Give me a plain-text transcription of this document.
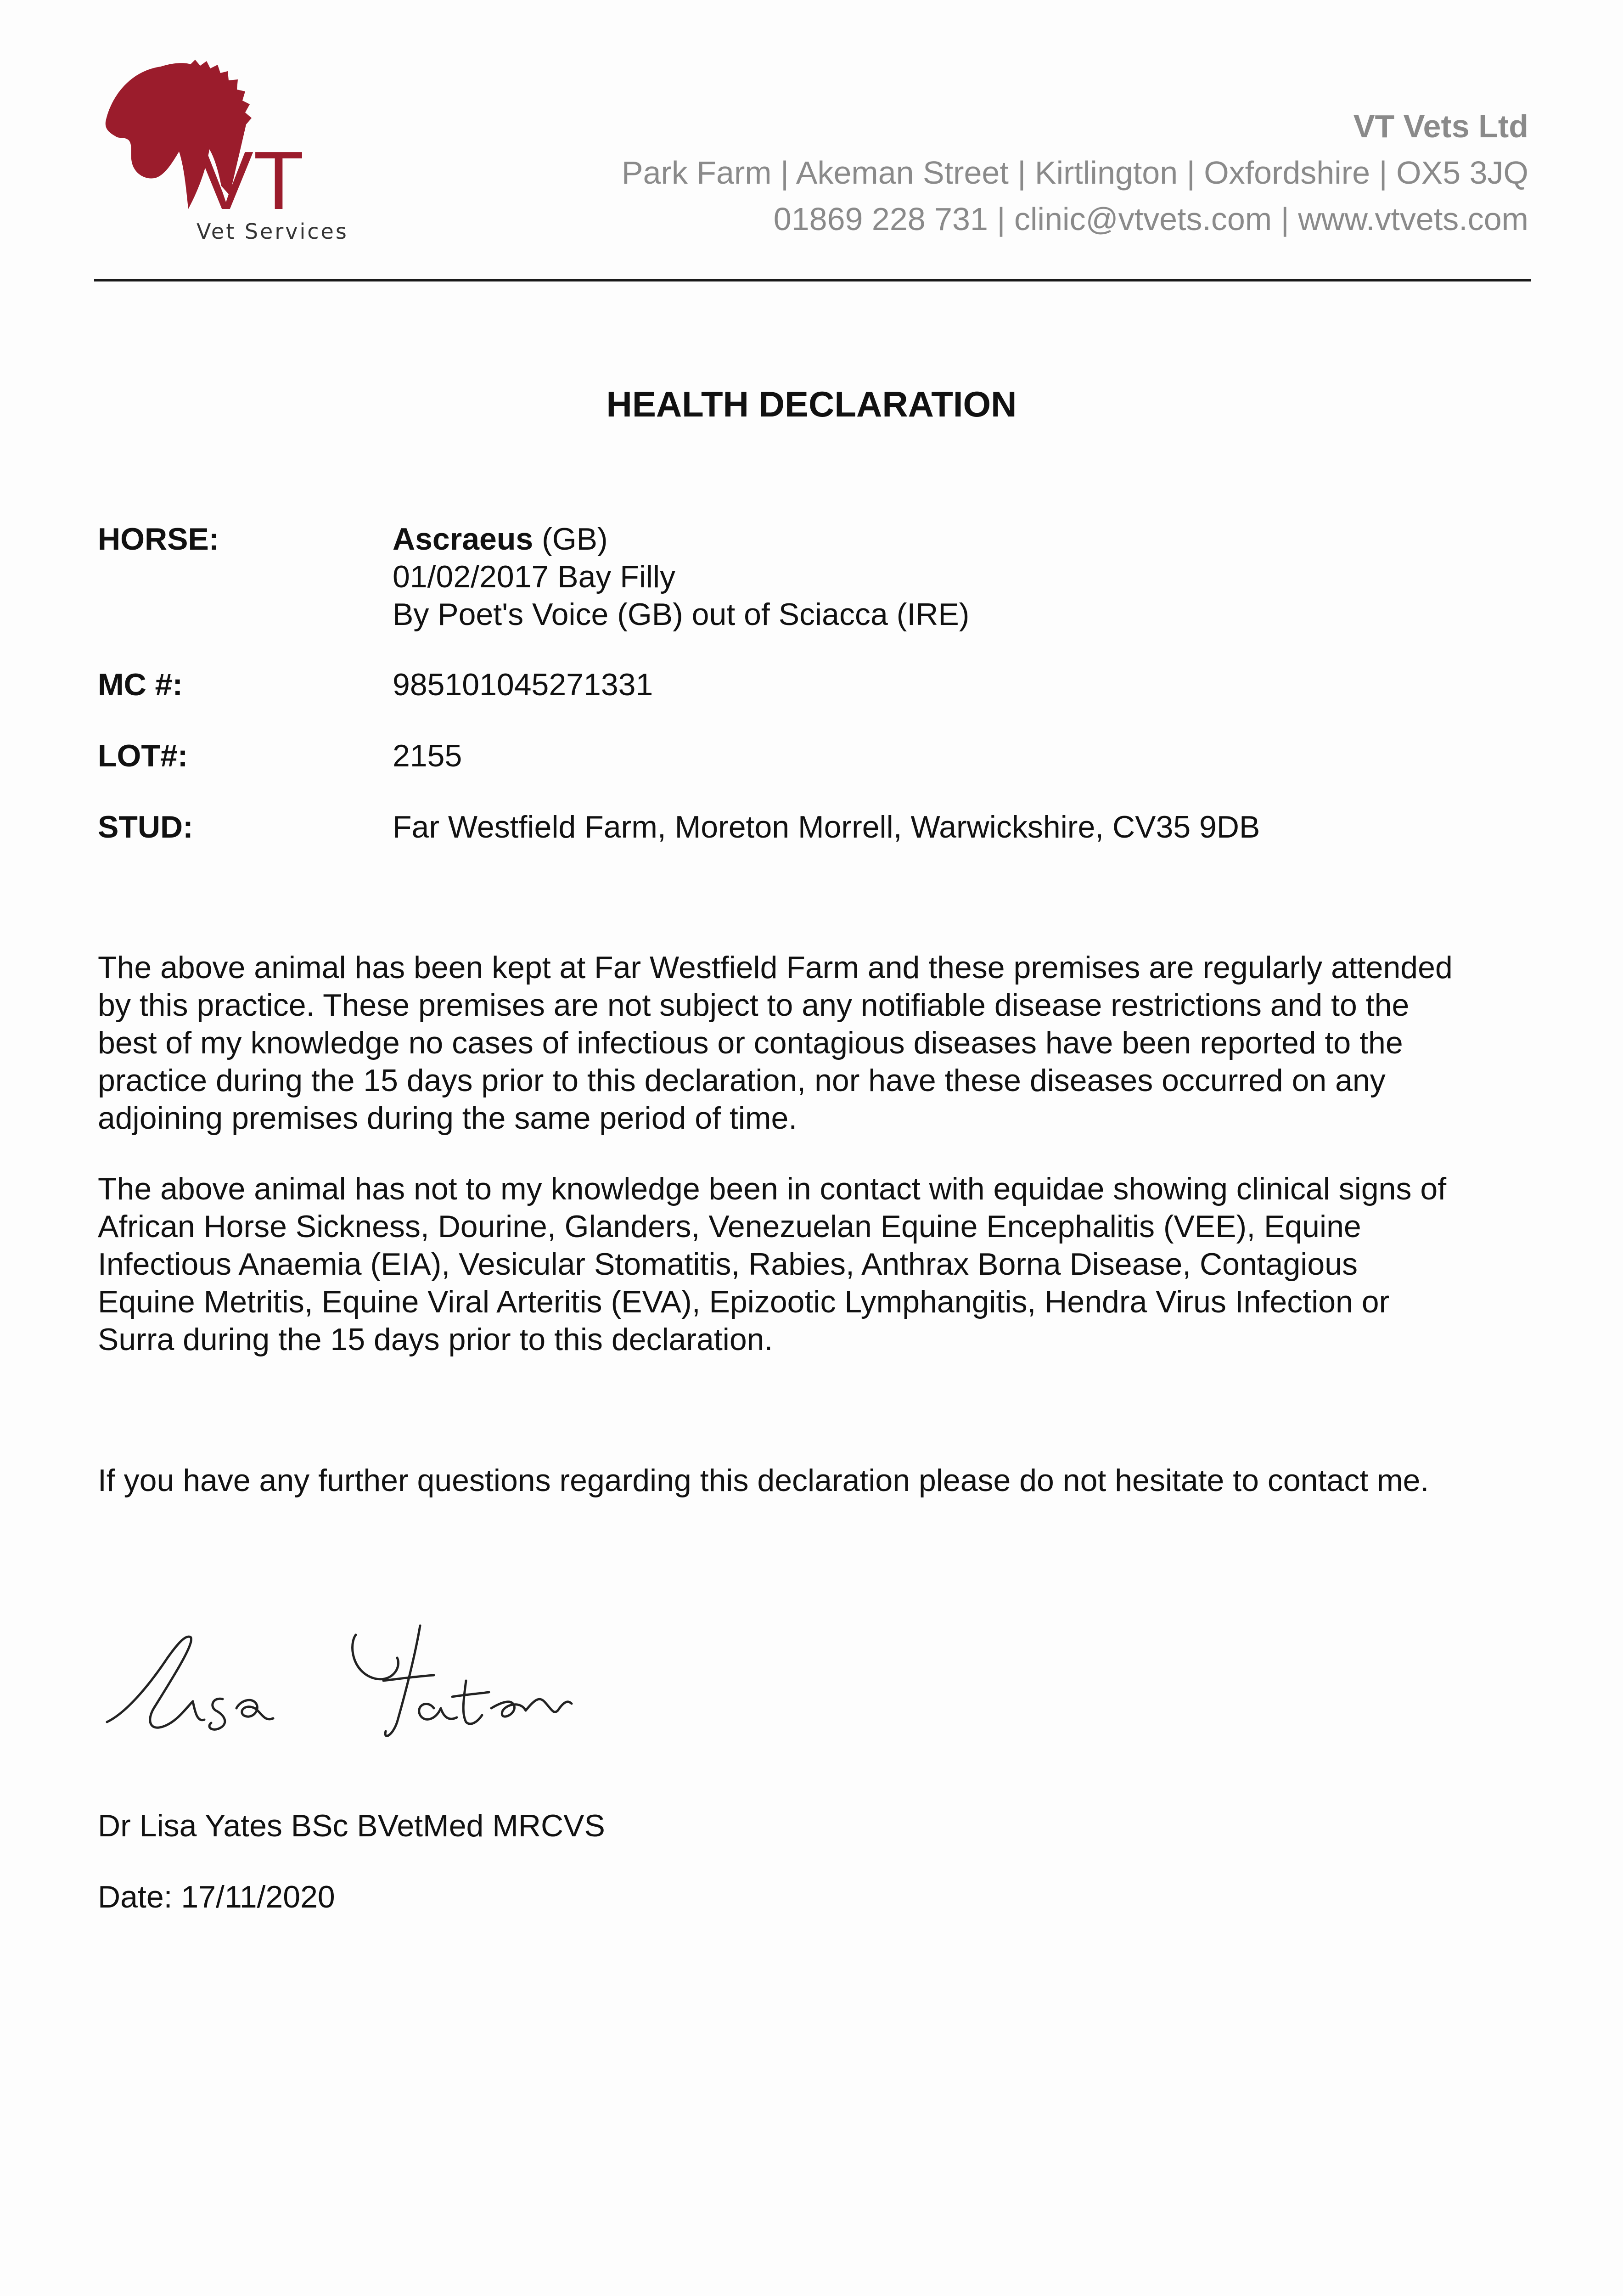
VT
Vet Services
VT Vets Ltd
Park Farm | Akeman Street | Kirtlington | Oxfordshire | OX5 3JQ
01869 228 731 | clinic@vtvets.com | www.vtvets.com
HEALTH DECLARATION
HORSE:	Ascraeus (GB)
01/02/2017 Bay Filly
By Poet's Voice (GB) out of Sciacca (IRE)
MC #:	985101045271331
LOT#:	2155
STUD:	Far Westfield Farm, Moreton Morrell, Warwickshire, CV35 9DB
The above animal has been kept at Far Westfield Farm and these premises are regularly attended
by this practice. These premises are not subject to any notifiable disease restrictions and to the
best of my knowledge no cases of infectious or contagious diseases have been reported to the
practice during the 15 days prior to this declaration, nor have these diseases occurred on any
adjoining premises during the same period of time.
The above animal has not to my knowledge been in contact with equidae showing clinical signs of
African Horse Sickness, Dourine, Glanders, Venezuelan Equine Encephalitis (VEE), Equine
Infectious Anaemia (EIA), Vesicular Stomatitis, Rabies, Anthrax Borna Disease, Contagious
Equine Metritis, Equine Viral Arteritis (EVA), Epizootic Lymphangitis, Hendra Virus Infection or
Surra during the 15 days prior to this declaration.
If you have any further questions regarding this declaration please do not hesitate to contact me.
Dr Lisa Yates BSc BVetMed MRCVS
Date: 17/11/2020
